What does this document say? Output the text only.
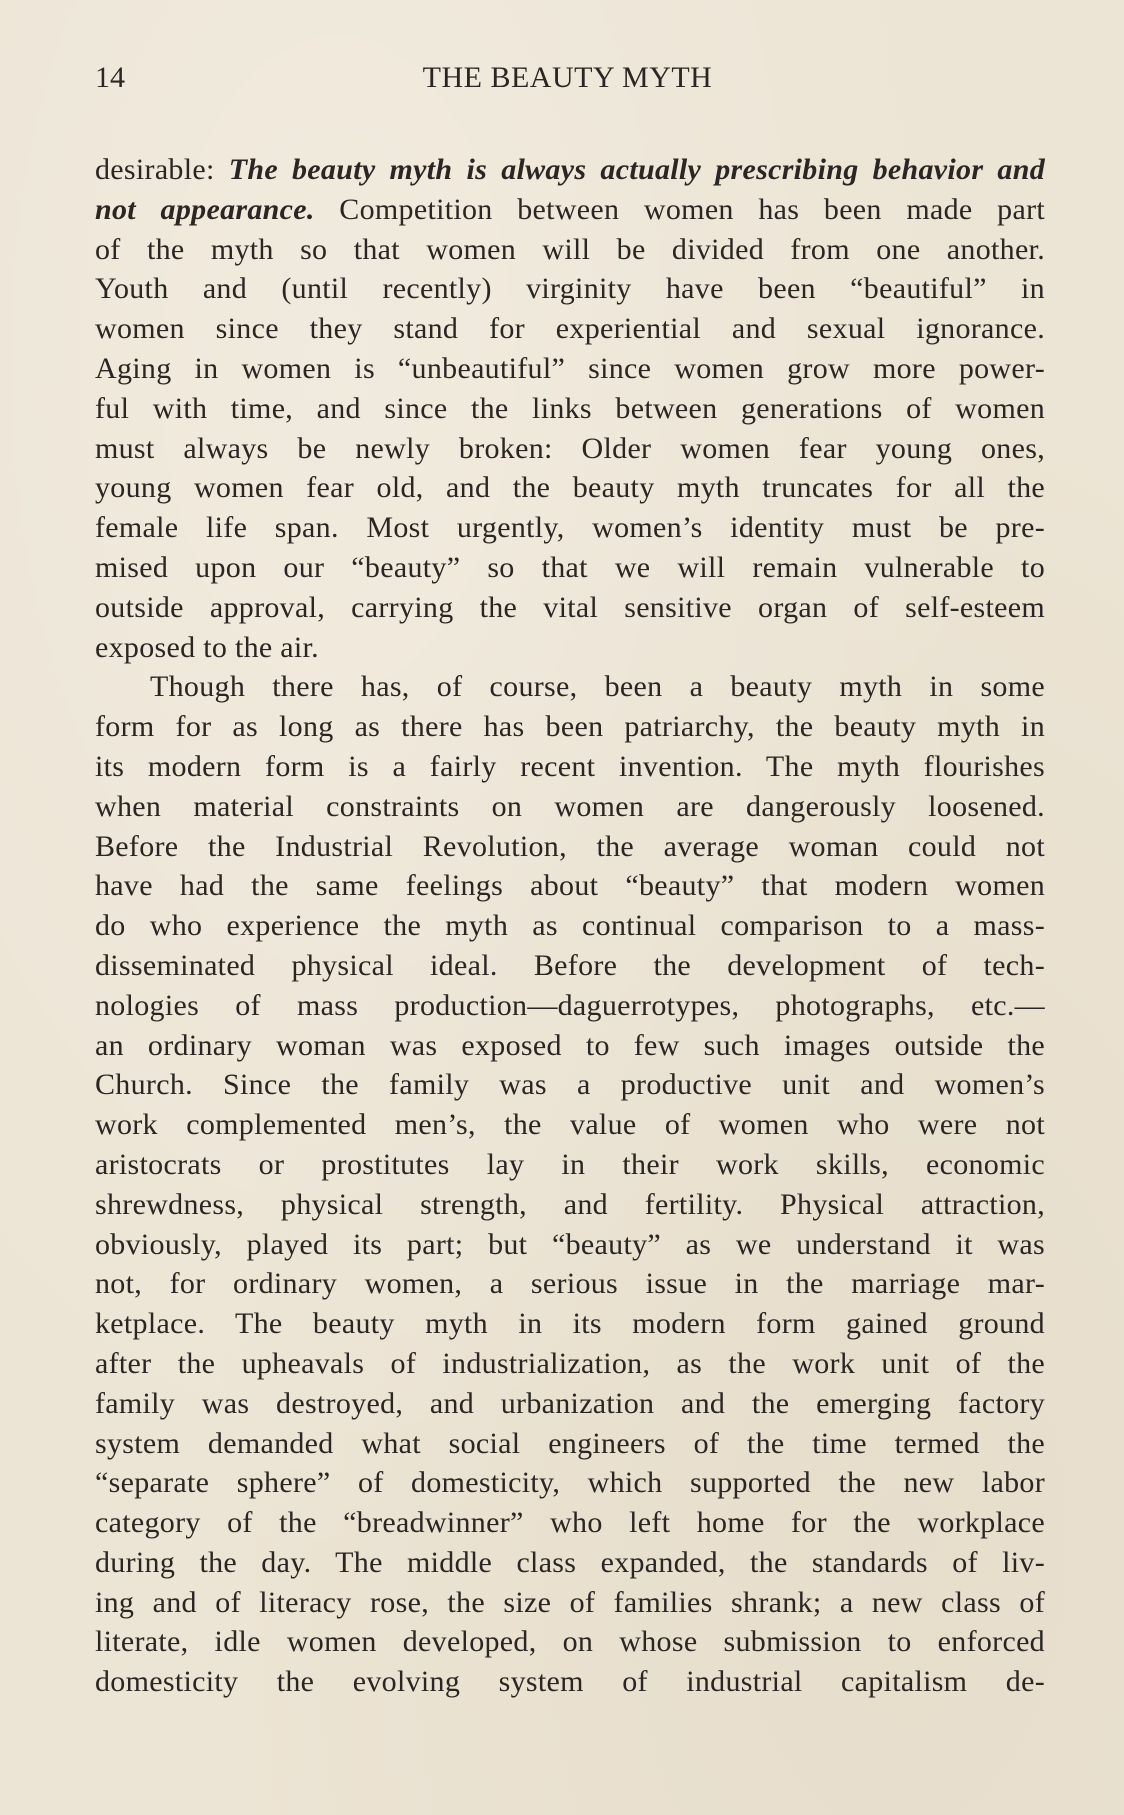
14	THE BEAUTY MYTH
desirable: The beauty myth is always actually prescribing behavior and
not appearance. Competition between women has been made part
of the myth so that women will be divided from one another.
Youth and (until recently) virginity have been “beautiful” in
women since they stand for experiential and sexual ignorance.
Aging in women is “unbeautiful” since women grow more power-
ful with time, and since the links between generations of women
must always be newly broken: Older women fear young ones,
young women fear old, and the beauty myth truncates for all the
female life span. Most urgently, women’s identity must be pre-
mised upon our “beauty” so that we will remain vulnerable to
outside approval, carrying the vital sensitive organ of self-esteem
exposed to the air.
Though there has, of course, been a beauty myth in some
form for as long as there has been patriarchy, the beauty myth in
its modern form is a fairly recent invention. The myth flourishes
when material constraints on women are dangerously loosened.
Before the Industrial Revolution, the average woman could not
have had the same feelings about “beauty” that modern women
do who experience the myth as continual comparison to a mass-
disseminated physical ideal. Before the development of tech-
nologies of mass production—daguerrotypes, photographs, etc.—
an ordinary woman was exposed to few such images outside the
Church. Since the family was a productive unit and women’s
work complemented men’s, the value of women who were not
aristocrats or prostitutes lay in their work skills, economic
shrewdness, physical strength, and fertility. Physical attraction,
obviously, played its part; but “beauty” as we understand it was
not, for ordinary women, a serious issue in the marriage mar-
ketplace. The beauty myth in its modern form gained ground
after the upheavals of industrialization, as the work unit of the
family was destroyed, and urbanization and the emerging factory
system demanded what social engineers of the time termed the
“separate sphere” of domesticity, which supported the new labor
category of the “breadwinner” who left home for the workplace
during the day. The middle class expanded, the standards of liv-
ing and of literacy rose, the size of families shrank; a new class of
literate, idle women developed, on whose submission to enforced
domesticity the evolving system of industrial capitalism de-
